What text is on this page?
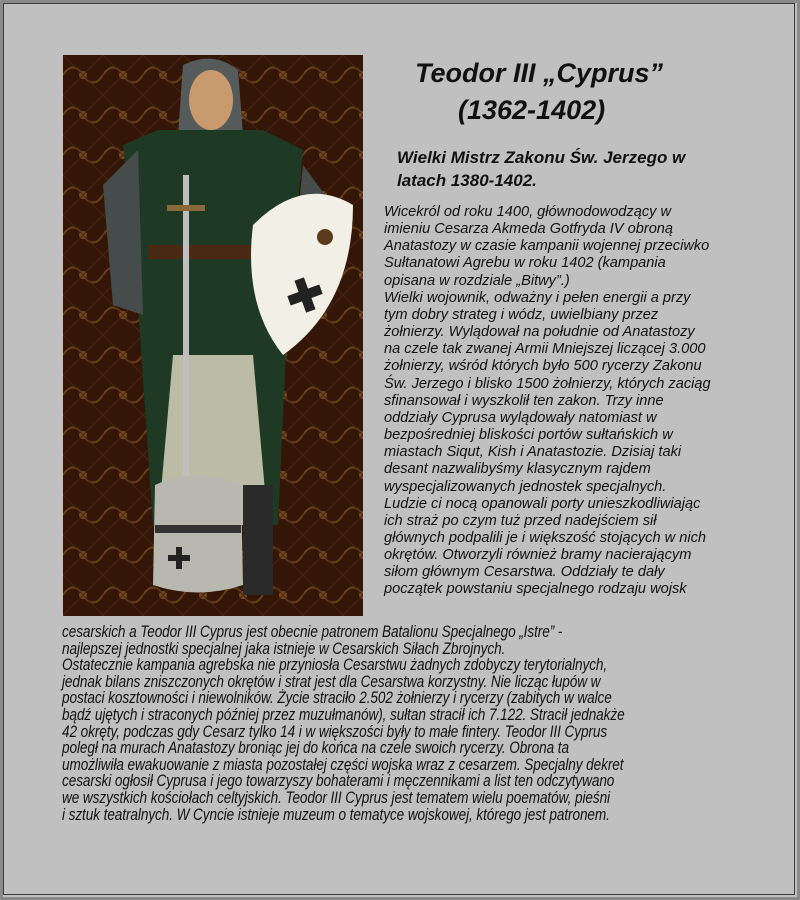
Teodor III „Cyprus”
(1362-1402)
Wielki Mistrz Zakonu Św. Jerzego w
latach 1380-1402.
Wicekról od roku 1400, głównodowodzący w
imieniu Cesarza Akmeda Gotfryda IV obroną
Anatastozy w czasie kampanii wojennej przeciwko
Sułtanatowi Agrebu w roku 1402 (kampania
opisana w rozdziale „Bitwy”.)
Wielki wojownik, odważny i pełen energii a przy
tym dobry strateg i wódz, uwielbiany przez
żołnierzy. Wylądował na południe od Anatastozy
na czele tak zwanej Armii Mniejszej liczącej 3.000
żołnierzy, wśród których było 500 rycerzy Zakonu
Św. Jerzego i blisko 1500 żołnierzy, których zaciąg
sfinansował i wyszkolił ten zakon. Trzy inne
oddziały Cyprusa wylądowały natomiast w
bezpośredniej bliskości portów sułtańskich w
miastach Siqut, Kish i Anatastozie. Dzisiaj taki
desant nazwalibyśmy klasycznym rajdem
wyspecjalizowanych jednostek specjalnych.
Ludzie ci nocą opanowali porty unieszkodliwiając
ich straż po czym tuż przed nadejściem sił
głównych podpalili je i większość stojących w nich
okrętów. Otworzyli również bramy nacierającym
siłom głównym Cesarstwa. Oddziały te dały
początek powstaniu specjalnego rodzaju wojsk
cesarskich a Teodor III Cyprus jest obecnie patronem Batalionu Specjalnego „Istre” -
najlepszej jednostki specjalnej jaka istnieje w Cesarskich Siłach Zbrojnych.
Ostatecznie kampania agrebska nie przyniosła Cesarstwu żadnych zdobyczy terytorialnych,
jednak bilans zniszczonych okrętów i strat jest dla Cesarstwa korzystny. Nie licząc łupów w
postaci kosztowności i niewolników. Życie straciło 2.502 żołnierzy i rycerzy (zabitych w walce
bądź ujętych i straconych później przez muzułmanów), sułtan stracił ich 7.122. Stracił jednakże
42 okręty, podczas gdy Cesarz tylko 14 i w większości były to małe fintery. Teodor III Cyprus
poległ na murach Anatastozy broniąc jej do końca na czele swoich rycerzy. Obrona ta
umożliwiła ewakuowanie z miasta pozostałej części wojska wraz z cesarzem. Specjalny dekret
cesarski ogłosił Cyprusa i jego towarzyszy bohaterami i męczennikami a list ten odczytywano
we wszystkich kościołach celtyjskich. Teodor III Cyprus jest tematem wielu poematów, pieśni
i sztuk teatralnych. W Cyncie istnieje muzeum o tematyce wojskowej, którego jest patronem.
